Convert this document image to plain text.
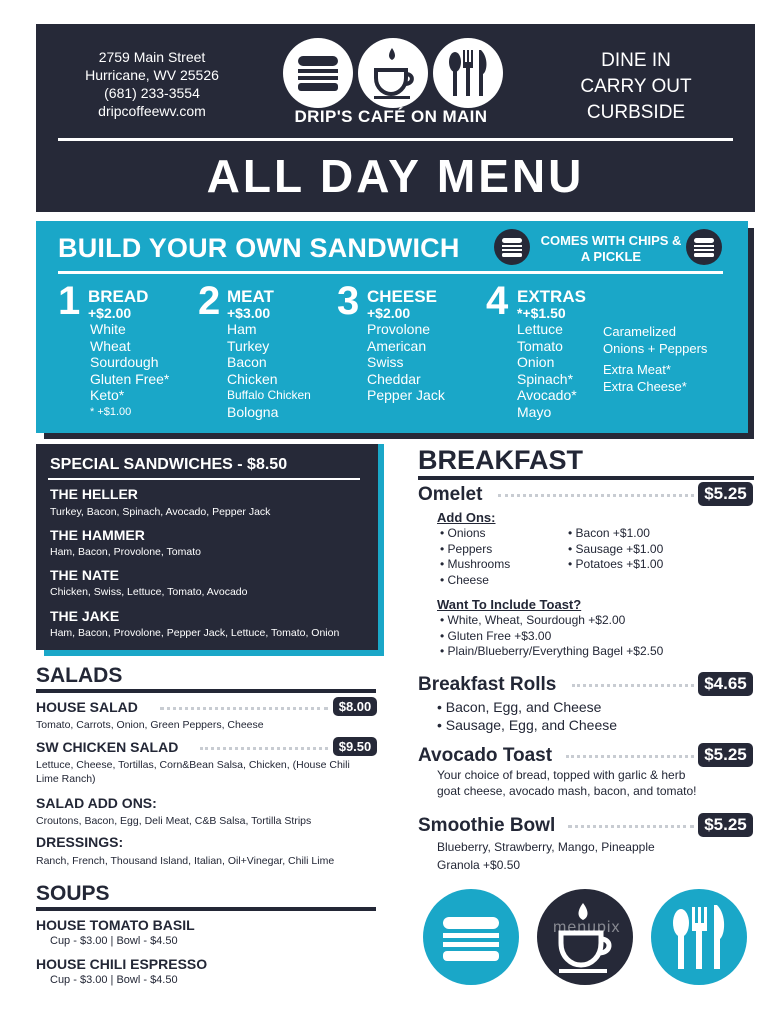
2759 Main Street
Hurricane, WV 25526
(681) 233-3554
dripcoffeewv.com	DRIP'S CAFÉ ON MAIN
DINE IN
CARRY OUT
CURBSIDE
ALL DAY MENU
BUILD YOUR OWN SANDWICH	COMES WITH CHIPS & A PICKLE
1 BREAD
+$2.00
White
Wheat
Sourdough
Gluten Free*
Keto*
* +$1.00
2 MEAT
+$3.00
Ham
Turkey
Bacon
Chicken
Buffalo Chicken
Bologna
3 CHEESE
+$2.00
Provolone
American
Swiss
Cheddar
Pepper Jack
4 EXTRAS
*+$1.50
Lettuce
Tomato
Onion
Spinach*
Avocado*
Mayo
Caramelized
Onions + Peppers
Extra Meat*
Extra Cheese*
SPECIAL SANDWICHES - $8.50
THE HELLER
Turkey, Bacon, Spinach, Avocado, Pepper Jack
THE HAMMER
Ham, Bacon, Provolone, Tomato
THE NATE
Chicken, Swiss, Lettuce, Tomato, Avocado
THE JAKE
Ham, Bacon, Provolone, Pepper Jack, Lettuce, Tomato, Onion
SALADS
HOUSE SALAD	$8.00
Tomato, Carrots, Onion, Green Peppers, Cheese
SW CHICKEN SALAD	$9.50
Lettuce, Cheese, Tortillas, Corn&Bean Salsa, Chicken, (House Chili
Lime Ranch)
SALAD ADD ONS:
Croutons, Bacon, Egg, Deli Meat, C&B Salsa, Tortilla Strips
DRESSINGS:
Ranch, French, Thousand Island, Italian, Oil+Vinegar, Chili Lime
SOUPS
HOUSE TOMATO BASIL
Cup - $3.00 | Bowl - $4.50
HOUSE CHILI ESPRESSO
Cup - $3.00 | Bowl - $4.50
BREAKFAST
Omelet	$5.25
Add Ons:
• Onions
• Peppers
• Mushrooms
• Cheese
• Bacon +$1.00
• Sausage +$1.00
• Potatoes +$1.00
Want To Include Toast?
• White, Wheat, Sourdough +$2.00
• Gluten Free +$3.00
• Plain/Blueberry/Everything Bagel +$2.50
Breakfast Rolls	$4.65
• Bacon, Egg, and Cheese
• Sausage, Egg, and Cheese
Avocado Toast	$5.25
Your choice of bread, topped with garlic & herb
goat cheese, avocado mash, bacon, and tomato!
Smoothie Bowl	$5.25
Blueberry, Strawberry, Mango, Pineapple
Granola +$0.50
menupix
